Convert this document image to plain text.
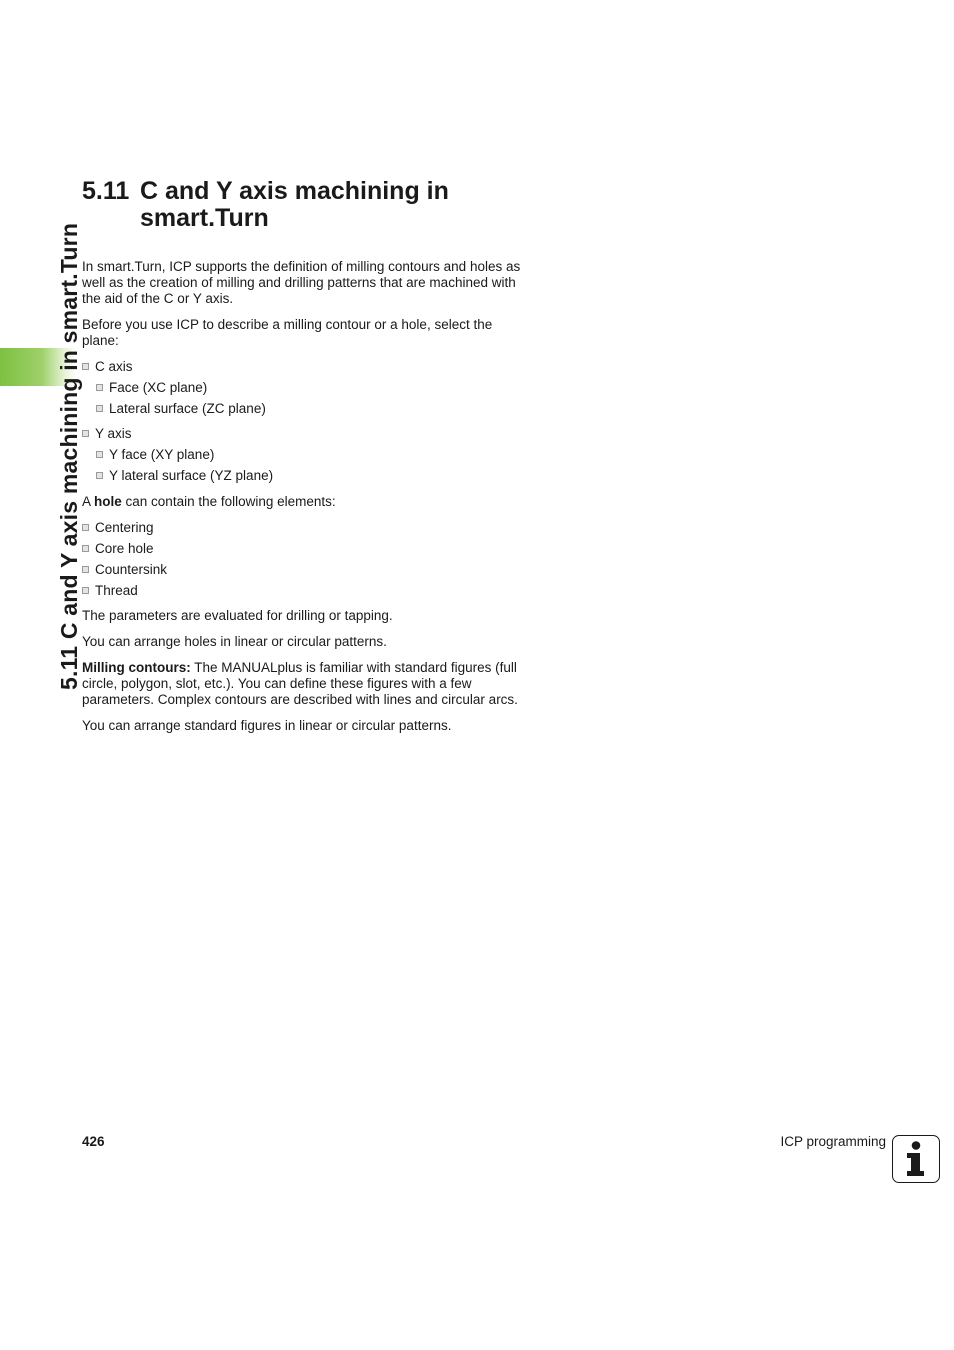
5.11 C and Y axis machining in smart.Turn
5.11 C and Y axis machining in smart.Turn

In smart.Turn, ICP supports the definition of milling contours and holes as well as the creation of milling and drilling patterns that are machined with the aid of the C or Y axis.

Before you use ICP to describe a milling contour or a hole, select the plane:

C axis
Face (XC plane)
Lateral surface (ZC plane)
Y axis
Y face (XY plane)
Y lateral surface (YZ plane)

A hole can contain the following elements:

Centering
Core hole
Countersink
Thread

The parameters are evaluated for drilling or tapping.

You can arrange holes in linear or circular patterns.

Milling contours: The MANUALplus is familiar with standard figures (full circle, polygon, slot, etc.). You can define these figures with a few parameters. Complex contours are described with lines and circular arcs.

You can arrange standard figures in linear or circular patterns.

426	ICP programming
